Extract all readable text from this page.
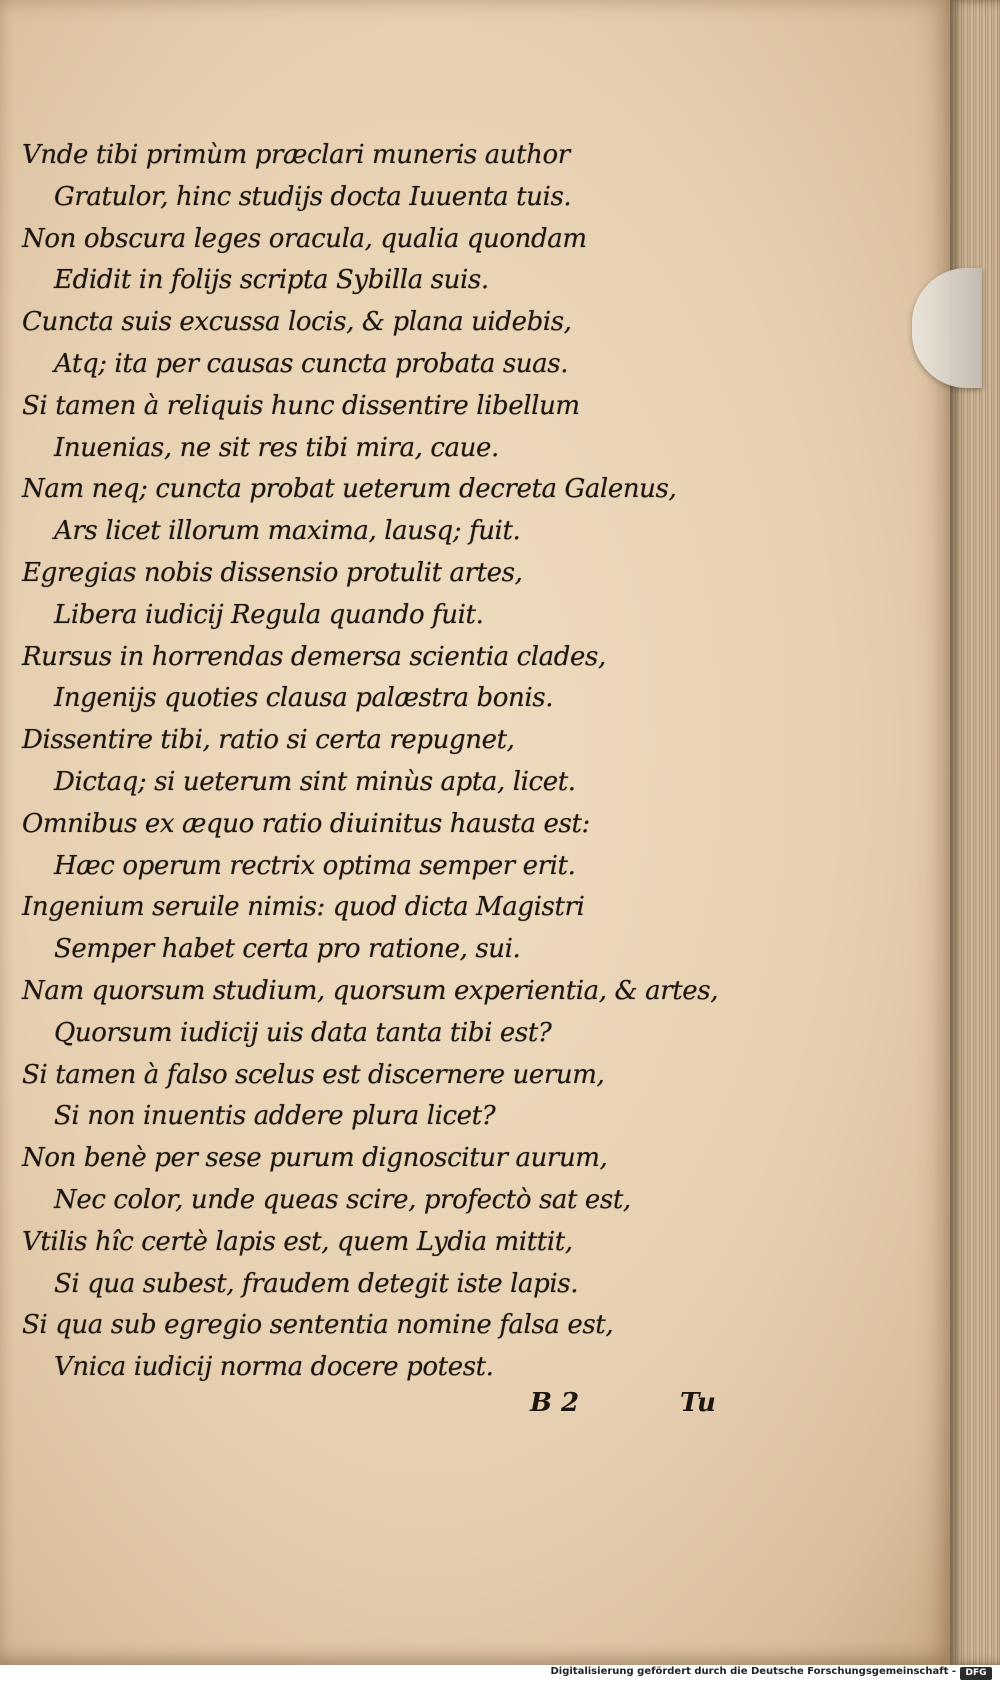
Vnde tibi primùm præclari muneris author
Gratulor, hinc studijs docta Iuuenta tuis.
Non obscura leges oracula, qualia quondam
Edidit in folijs scripta Sybilla suis.
Cuncta suis excussa locis, & plana uidebis,
Atq; ita per causas cuncta probata suas.
Si tamen à reliquis hunc dissentire libellum
Inuenias, ne sit res tibi mira, caue.
Nam neq; cuncta probat ueterum decreta Galenus,
Ars licet illorum maxima, lausq; fuit.
Egregias nobis dissensio protulit artes,
Libera iudicij Regula quando fuit.
Rursus in horrendas demersa scientia clades,
Ingenijs quoties clausa palæstra bonis.
Dissentire tibi, ratio si certa repugnet,
Dictaq; si ueterum sint minùs apta, licet.
Omnibus ex æquo ratio diuinitus hausta est:
Hæc operum rectrix optima semper erit.
Ingenium seruile nimis: quod dicta Magistri
Semper habet certa pro ratione, sui.
Nam quorsum studium, quorsum experientia, & artes,
Quorsum iudicij uis data tanta tibi est?
Si tamen à falso scelus est discernere uerum,
Si non inuentis addere plura licet?
Non benè per sese purum dignoscitur aurum,
Nec color, unde queas scire, profectò sat est,
Vtilis hîc certè lapis est, quem Lydia mittit,
Si qua subest, fraudem detegit iste lapis.
Si qua sub egregio sententia nomine falsa est,
Vnica iudicij norma docere potest.
B 2	Tu
Digitalisierung gefördert durch die Deutsche Forschungsgemeinschaft -	DFG
